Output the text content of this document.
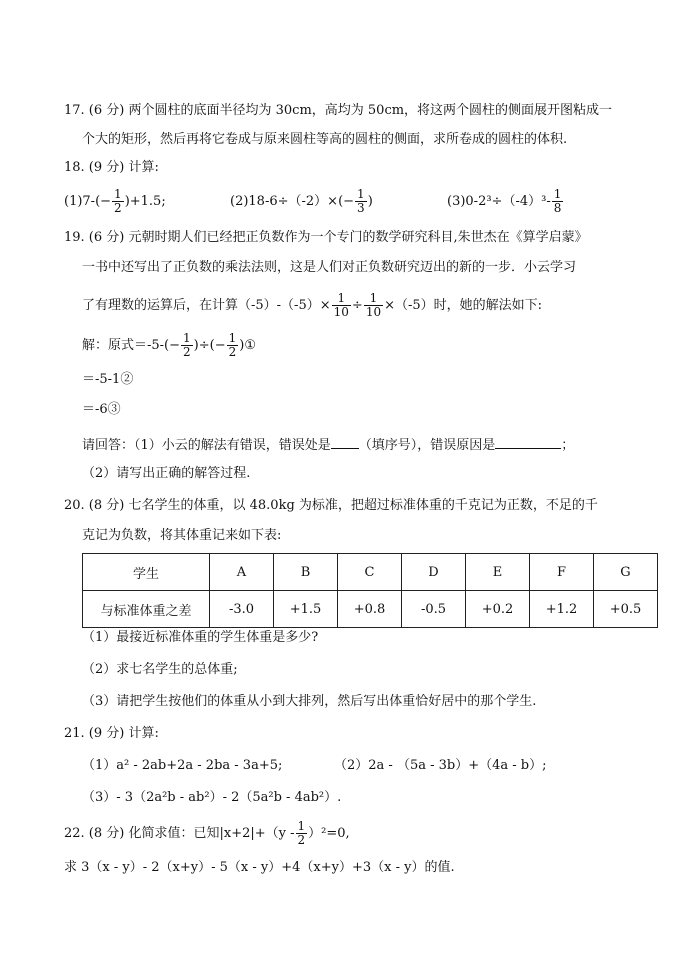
17. (6 分) 两个圆柱的底面半径均为 30cm，高均为 50cm，将这两个圆柱的侧面展开图粘成一
个大的矩形，然后再将它卷成与原来圆柱等高的圆柱的侧面，求所卷成的圆柱的体积.
18. (9 分) 计算:
$(1)7-(- \frac{1}{2} )+1.5$;	$(2)18-6\div(-2)\times(- \frac{1}{3}$ )	$(3)0-2^3\div(-4)^3- \frac{1}{8}$
19. (6 分) 元朝时期人们已经把正负数作为一个专门的数学研究科目,朱世杰在《算学启蒙》
一书中还写出了正负数的乘法法则，这是人们对正负数研究迈出的新的一步．小云学习
了有理数的运算后，在计算$(-5)-(-5)\times \frac{1}{10} \div \frac{1}{10} \times(-5)$时，她的解法如下:
解：原式$=-5-(- \frac{1}{2}$ )÷(− $\frac{1}{2}$ )①
＝-5-1②
＝-6③
请回答：（1）小云的解法有错误，错误处是 （填序号），错误原因是	；
（2）请写出正确的解答过程.
20. (8 分) 七名学生的体重，以 48.0kg 为标准，把超过标准体重的千克记为正数，不足的千
克记为负数，将其体重记来如下表:
学生	A	B	C	D	E	F	G
与标准体重之差	-3.0	+1.5	+0.8	-0.5	+0.2	+1.2	+0.5
（1）最接近标准体重的学生体重是多少?
（2）求七名学生的总体重;
（3）请把学生按他们的体重从小到大排列，然后写出体重恰好居中的那个学生.
21. (9 分) 计算:
（1）a² - 2ab+2a - 2ba - 3a+5;	（2）2a - （5a - 3b）+（4a - b）;
（3）- 3（2a²b - ab²）- 2（5a²b - 4ab²）.
22. (8 分) 化简求值：已知$|x+2|+(y - \frac{1}{2} )^2=0$,
求 3（x - y）- 2（x+y）- 5（x - y）+4（x+y）+3（x - y）的值.
